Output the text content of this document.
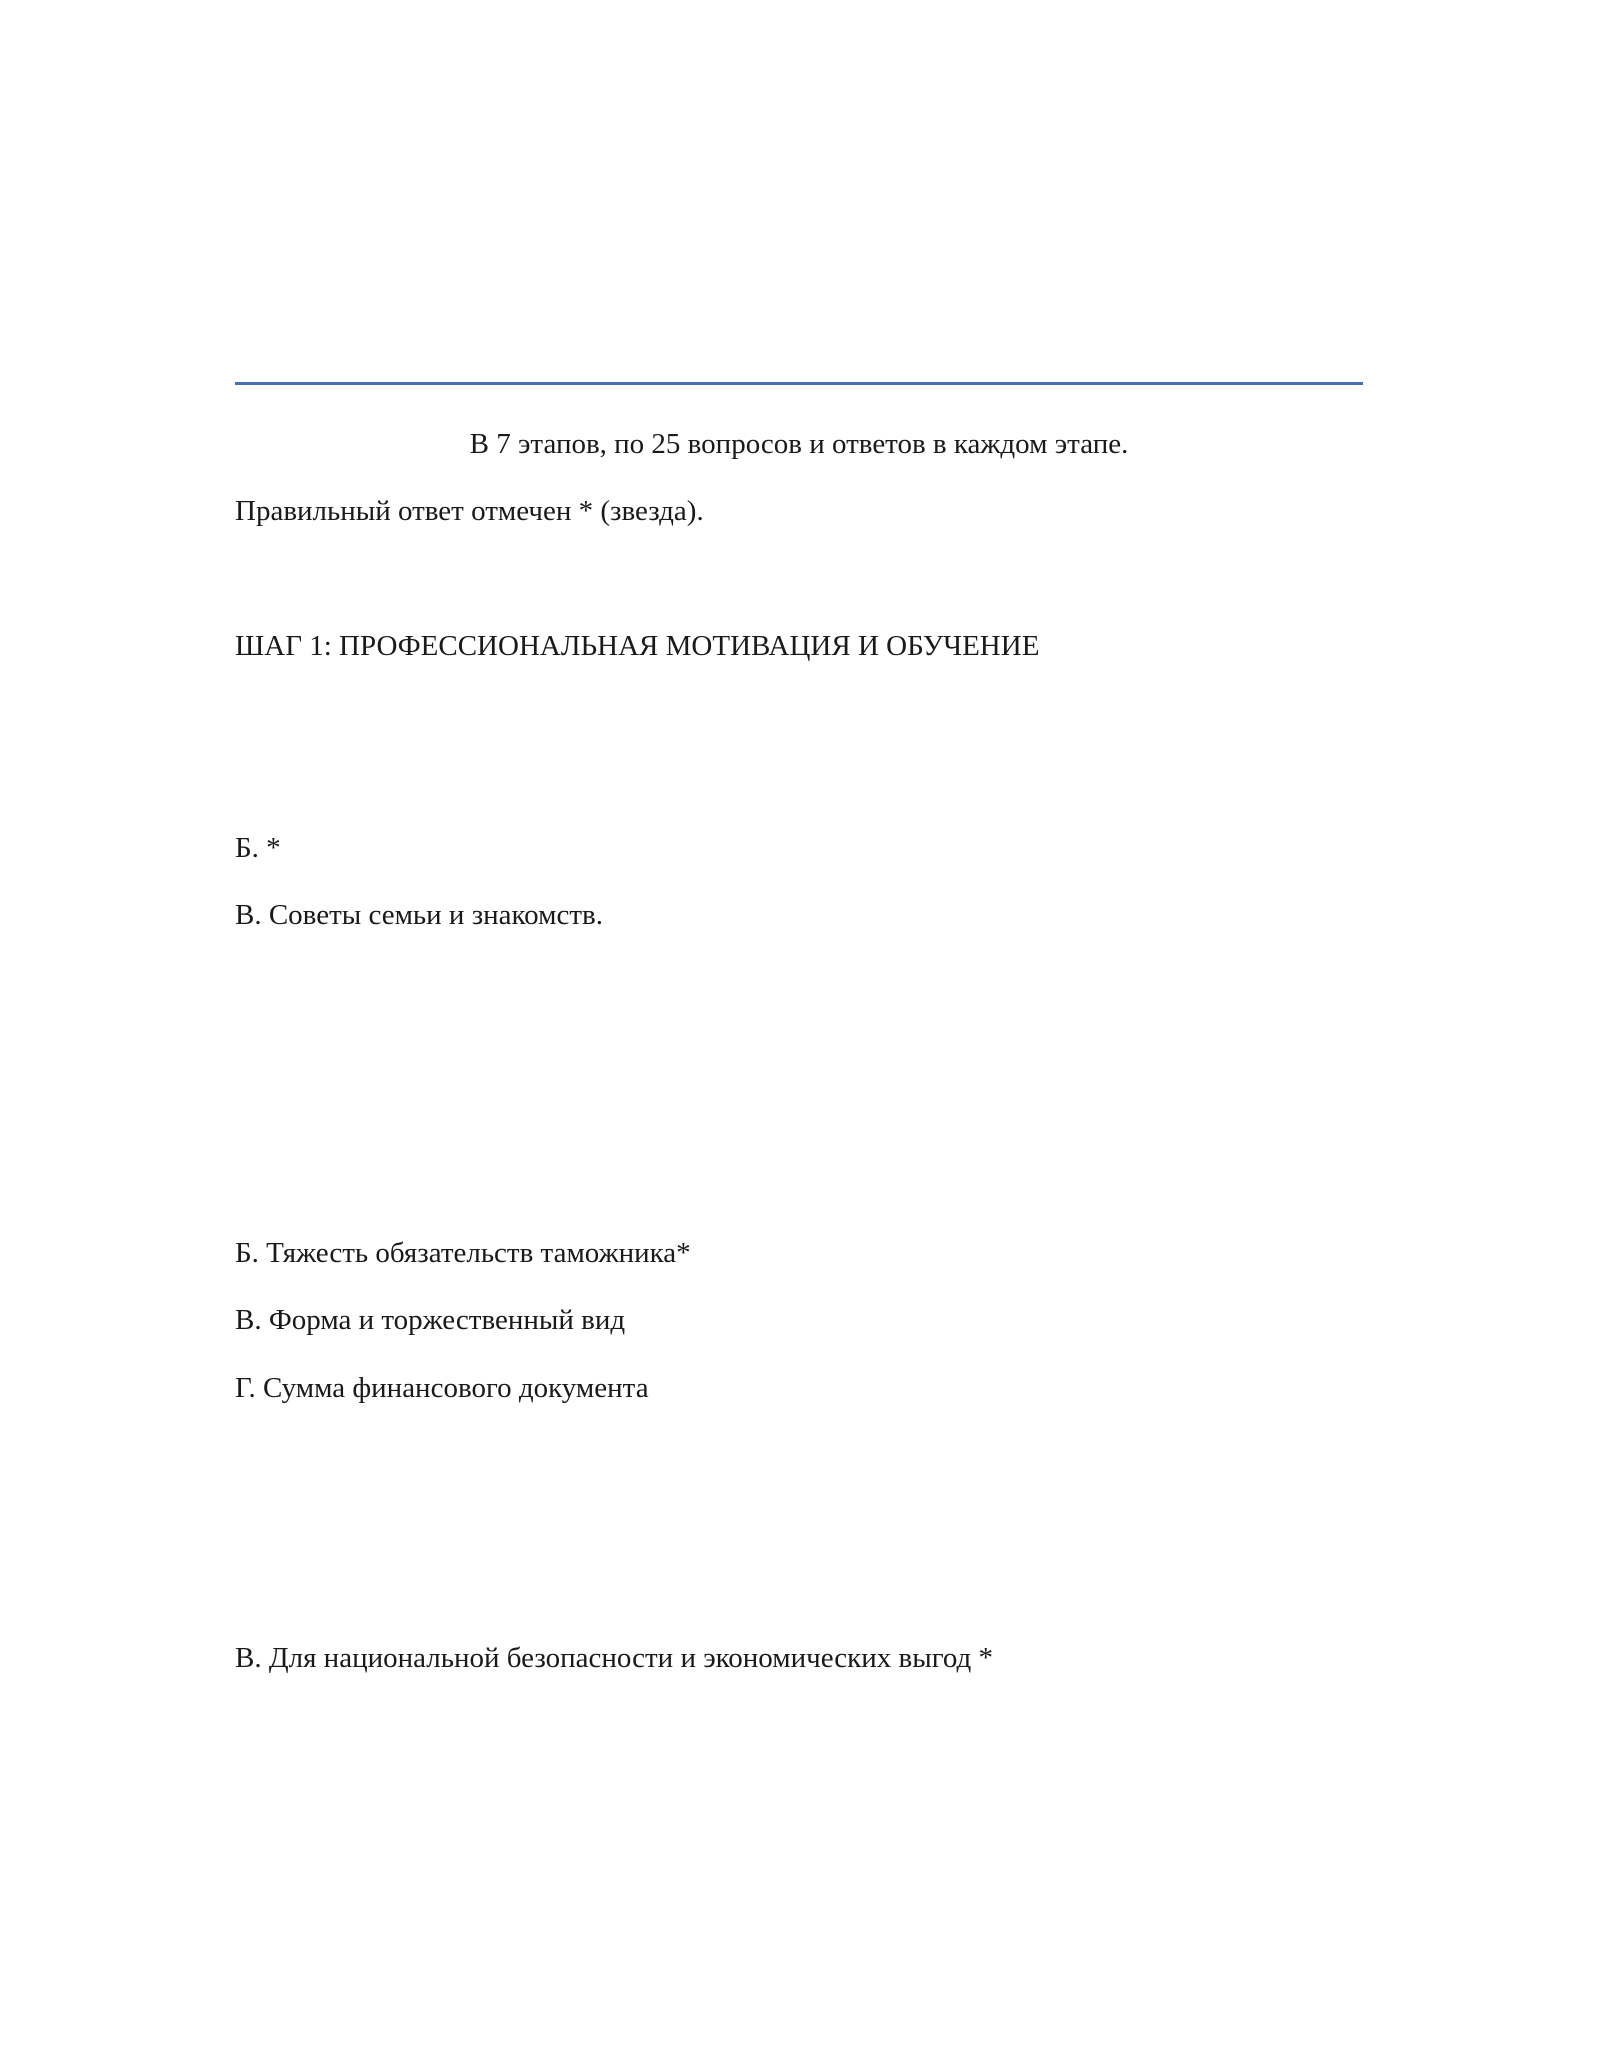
В 7 этапов, по 25 вопросов и ответов в каждом этапе.
Правильный ответ отмечен * (звезда).
ШАГ 1: ПРОФЕССИОНАЛЬНАЯ МОТИВАЦИЯ И ОБУЧЕНИЕ
Б. *
В. Советы семьи и знакомств.
Б. Тяжесть обязательств таможника*
В. Форма и торжественный вид
Г. Сумма финансового документа
В. Для национальной безопасности и экономических выгод *
